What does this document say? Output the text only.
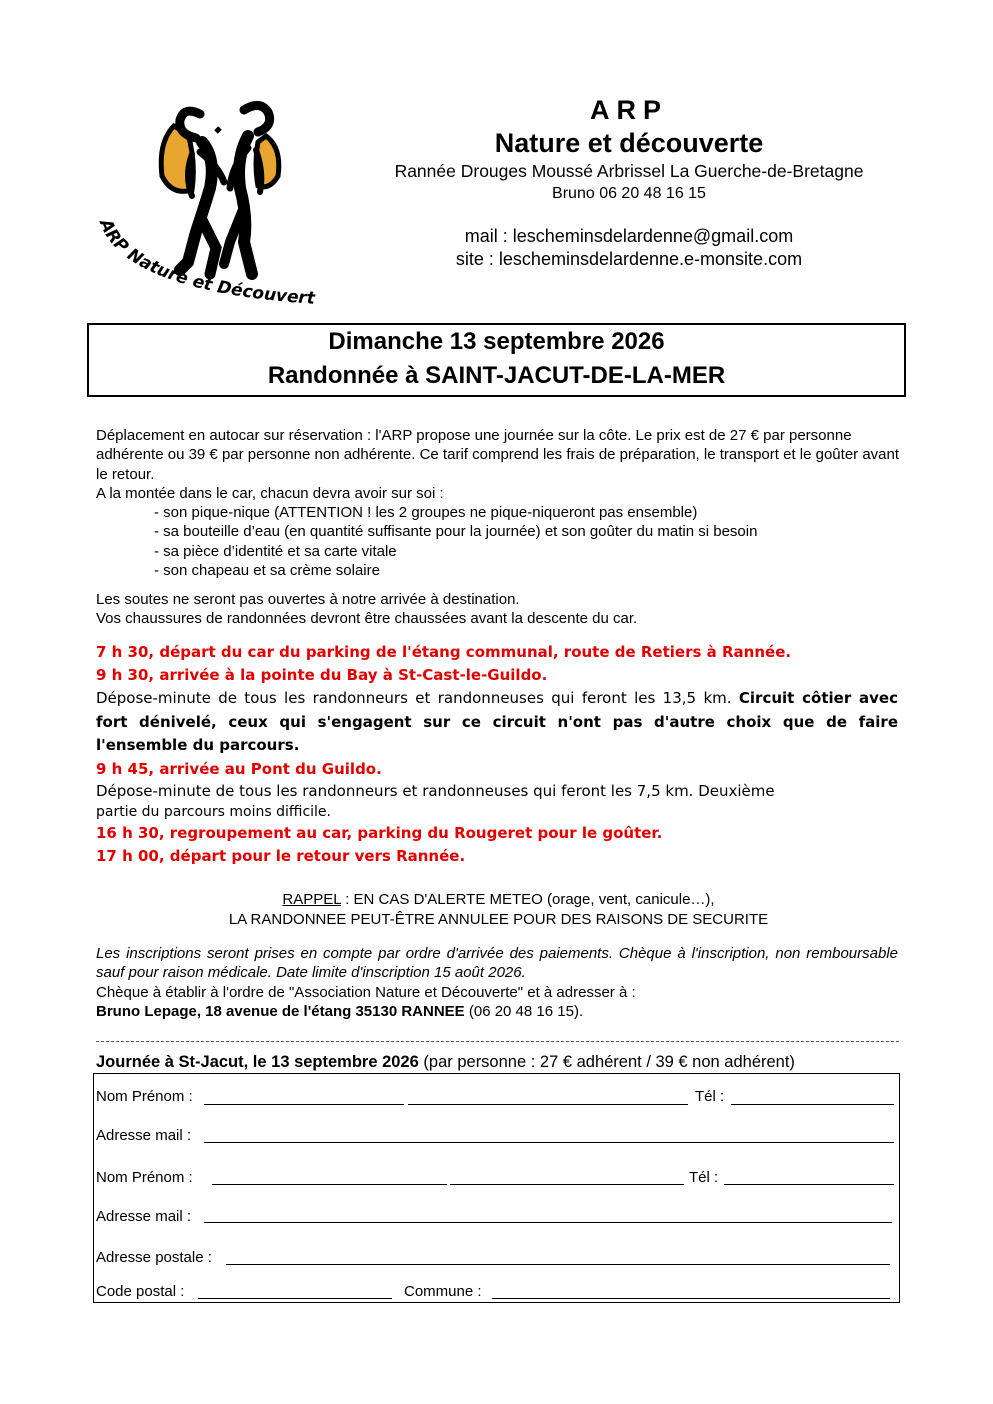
ARP Nature et Découvert
ARP
Nature et découverte
Rannée Drouges Moussé Arbrissel La Guerche-de-Bretagne
Bruno 06 20 48 16 15
mail : lescheminsdelardenne@gmail.com
site : lescheminsdelardenne.e-monsite.com
Dimanche 13 septembre 2026
Randonnée à SAINT-JACUT-DE-LA-MER
Déplacement en autocar sur réservation : l'ARP propose une journée sur la côte. Le prix est de 27 € par personne adhérente ou 39 € par personne non adhérente. Ce tarif comprend les frais de préparation, le transport et le goûter avant le retour.
A la montée dans le car, chacun devra avoir sur soi :
- son pique-nique (ATTENTION ! les 2 groupes ne pique-niqueront pas ensemble)
- sa bouteille d’eau (en quantité suffisante pour la journée) et son goûter du matin si besoin
- sa pièce d’identité et sa carte vitale
- son chapeau et sa crème solaire
Les soutes ne seront pas ouvertes à notre arrivée à destination.
Vos chaussures de randonnées devront être chaussées avant la descente du car.
7 h 30, départ du car du parking de l'étang communal, route de Retiers à Rannée.
9 h 30, arrivée à la pointe du Bay à St-Cast-le-Guildo.
Dépose-minute de tous les randonneurs et randonneuses qui feront les 13,5 km. Circuit côtier avec fort dénivelé, ceux qui s'engagent sur ce circuit n'ont pas d'autre choix que de faire l'ensemble du parcours.
9 h 45, arrivée au Pont du Guildo.
Dépose-minute de tous les randonneurs et randonneuses qui feront les 7,5 km. Deuxième
partie du parcours moins difficile.
16 h 30, regroupement au car, parking du Rougeret pour le goûter.
17 h 00, départ pour le retour vers Rannée.
RAPPEL : EN CAS D'ALERTE METEO (orage, vent, canicule…),
LA RANDONNEE PEUT-ÊTRE ANNULEE POUR DES RAISONS DE SECURITE
Les inscriptions seront prises en compte par ordre d'arrivée des paiements. Chèque à l'inscription, non remboursable sauf pour raison médicale. Date limite d'inscription 15 août 2026.
Chèque à établir à l'ordre de "Association Nature et Découverte" et à adresser à :
Bruno Lepage, 18 avenue de l'étang 35130 RANNEE (06 20 48 16 15).
Journée à St-Jacut, le 13 septembre 2026 (par personne : 27 € adhérent / 39 € non adhérent)
Nom Prénom :	Tél :
Adresse mail :
Nom Prénom :	Tél :
Adresse mail :
Adresse postale :
Code postal :	Commune :
